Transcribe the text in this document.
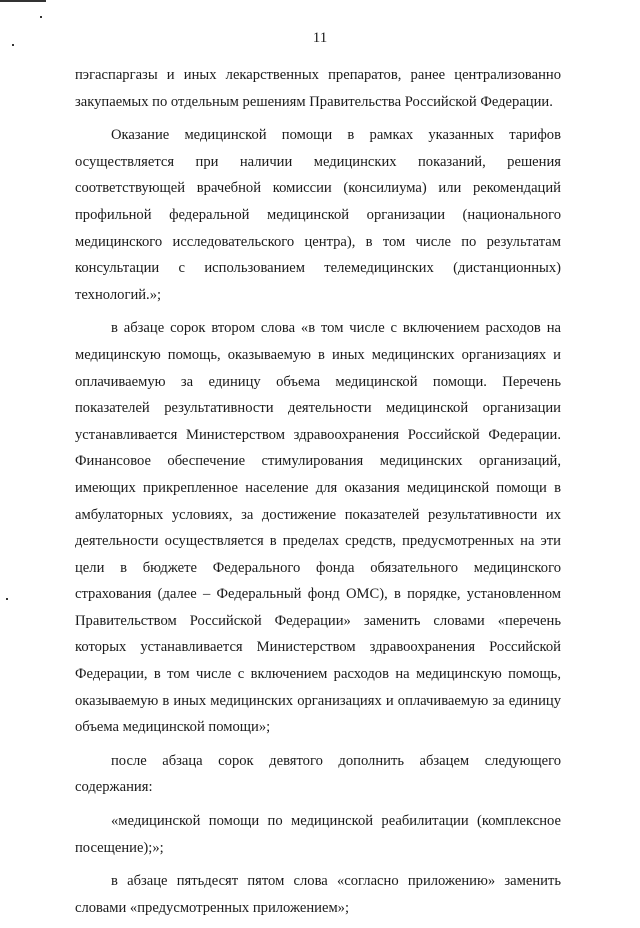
11

пэгаспаргазы и иных лекарственных препаратов, ранее централизованно закупаемых по отдельным решениям Правительства Российской Федерации.

Оказание медицинской помощи в рамках указанных тарифов осуществляется при наличии медицинских показаний, решения соответствующей врачебной комиссии (консилиума) или рекомендаций профильной федеральной медицинской организации (национального медицинского исследовательского центра), в том числе по результатам консультации с использованием телемедицинских (дистанционных) технологий.»;

в абзаце сорок втором слова «в том числе с включением расходов на медицинскую помощь, оказываемую в иных медицинских организациях и оплачиваемую за единицу объема медицинской помощи. Перечень показателей результативности деятельности медицинской организации устанавливается Министерством здравоохранения Российской Федерации. Финансовое обеспечение стимулирования медицинских организаций, имеющих прикрепленное население для оказания медицинской помощи в амбулаторных условиях, за достижение показателей результативности их деятельности осуществляется в пределах средств, предусмотренных на эти цели в бюджете Федерального фонда обязательного медицинского страхования (далее – Федеральный фонд ОМС), в порядке, установленном Правительством Российской Федерации» заменить словами «перечень которых устанавливается Министерством здравоохранения Российской Федерации, в том числе с включением расходов на медицинскую помощь, оказываемую в иных медицинских организациях и оплачиваемую за единицу объема медицинской помощи»;

после абзаца сорок девятого дополнить абзацем следующего содержания:

«медицинской помощи по медицинской реабилитации (комплексное посещение);»;

в абзаце пятьдесят пятом слова «согласно приложению» заменить словами «предусмотренных приложением»;
